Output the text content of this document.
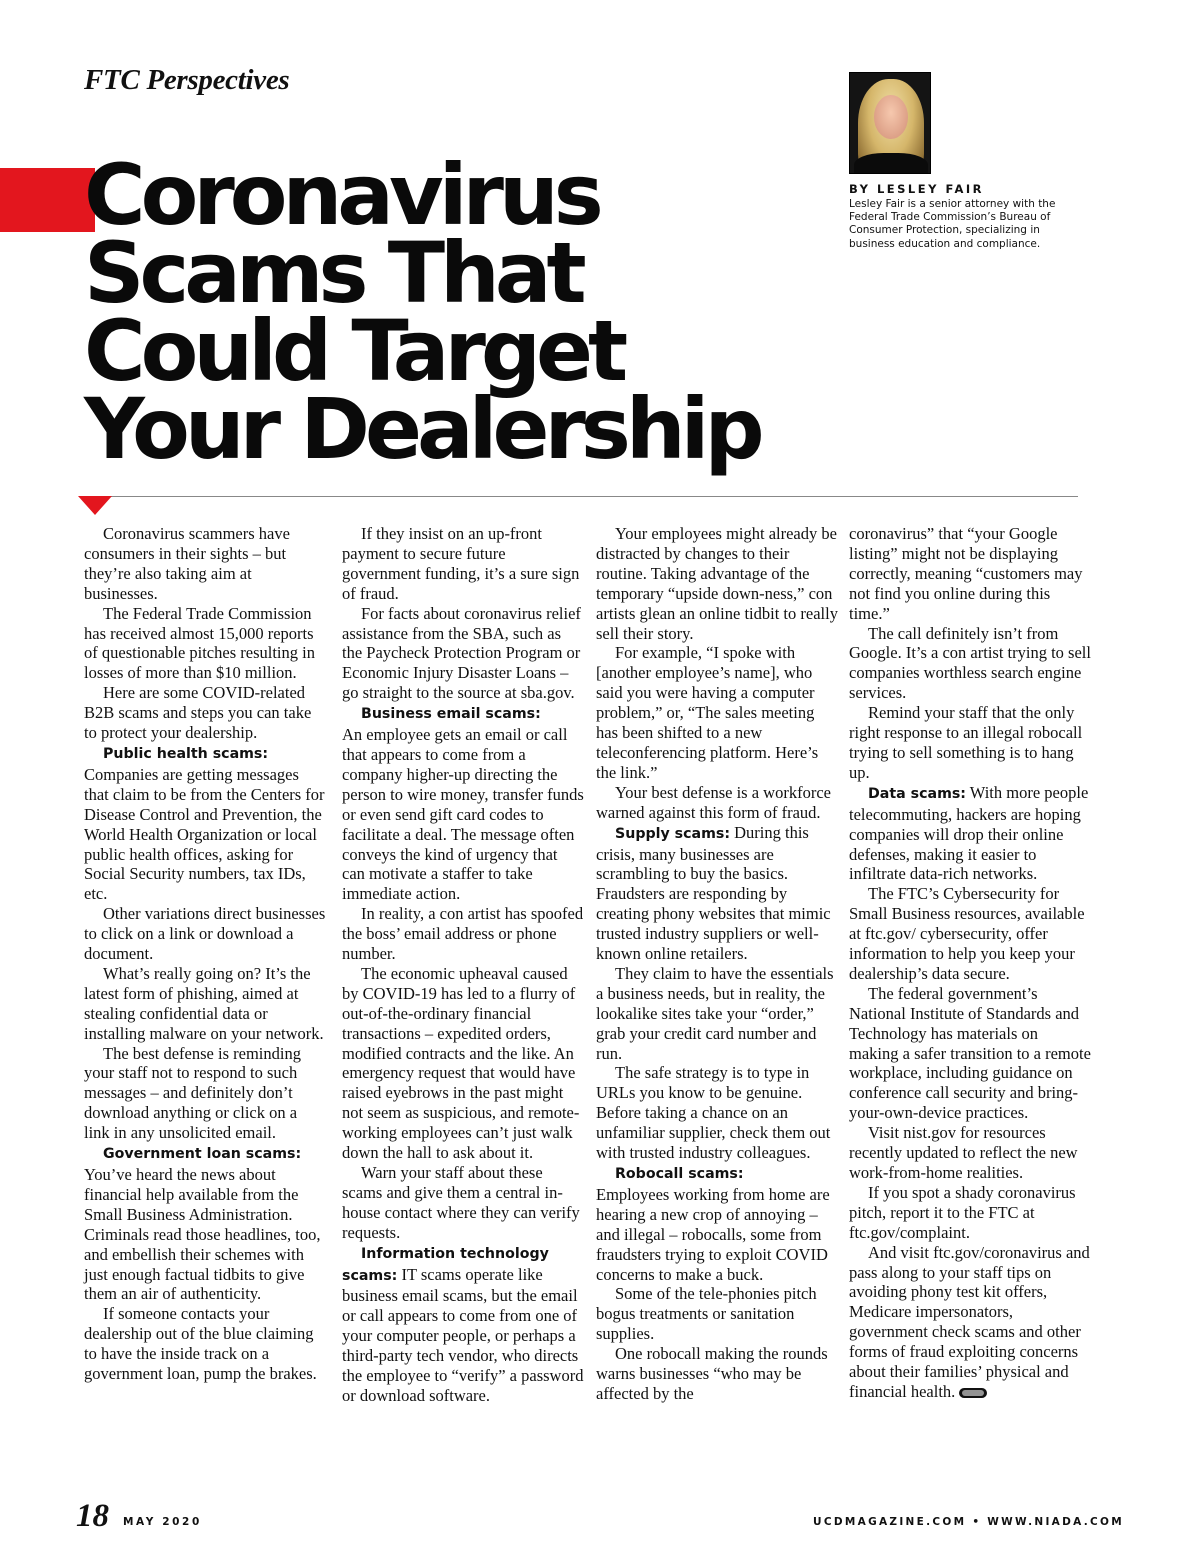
FTC Perspectives
Coronavirus
Scams That
Could Target
Your Dealership
BY LESLEY FAIR
Lesley Fair is a senior attorney with the Federal Trade Commission’s Bureau of Consumer Protection, specializing in business education and compliance.

Coronavirus scammers have consumers in their sights – but they’re also taking aim at businesses.

The Federal Trade Commission has received almost 15,000 reports of questionable pitches resulting in losses of more than $10 million.

Here are some COVID-related B2B scams and steps you can take to protect your dealership.

Public health scams:

Companies are getting messages that claim to be from the Centers for Disease Control and Prevention, the World Health Organization or local public health offices, asking for Social Security numbers, tax IDs, etc.

Other variations direct businesses to click on a link or download a document.

What’s really going on? It’s the latest form of phishing, aimed at stealing confidential data or installing malware on your network.

The best defense is reminding your staff not to respond to such messages – and definitely don’t download anything or click on a link in any unsolicited email.

Government loan scams:

You’ve heard the news about financial help available from the Small Business Administration. Criminals read those headlines, too, and embellish their schemes with just enough factual tidbits to give them an air of authenticity.

If someone contacts your dealership out of the blue claiming to have the inside track on a government loan, pump the brakes.

If they insist on an up-front payment to secure future government funding, it’s a sure sign of fraud.

For facts about coronavirus relief assistance from the SBA, such as the Paycheck Protection Program or Economic Injury Disaster Loans – go straight to the source at sba.gov.

Business email scams:

An employee gets an email or call that appears to come from a company higher-up directing the person to wire money, transfer funds or even send gift card codes to facilitate a deal. The message often conveys the kind of urgency that can motivate a staffer to take immediate action.

In reality, a con artist has spoofed the boss’ email address or phone number.

The economic upheaval caused by COVID-19 has led to a flurry of out-of-the-ordinary financial transactions – expedited orders, modified contracts and the like. An emergency request that would have raised eyebrows in the past might not seem as suspicious, and remote-working employees can’t just walk down the hall to ask about it.

Warn your staff about these scams and give them a central in-house contact where they can verify requests.

Information technology scams: IT scams operate like business email scams, but the email or call appears to come from one of your computer people, or perhaps a third-party tech vendor, who directs the employee to “verify” a password or download software.

Your employees might already be distracted by changes to their routine. Taking advantage of the temporary “upside down-ness,” con artists glean an online tidbit to really sell their story.

For example, “I spoke with [another employee’s name], who said you were having a computer problem,” or, “The sales meeting has been shifted to a new teleconferencing platform. Here’s the link.”

Your best defense is a workforce warned against this form of fraud.

Supply scams: During this crisis, many businesses are scrambling to buy the basics. Fraudsters are responding by creating phony websites that mimic trusted industry suppliers or well-known online retailers.

They claim to have the essentials a business needs, but in reality, the lookalike sites take your “order,” grab your credit card number and run.

The safe strategy is to type in URLs you know to be genuine. Before taking a chance on an unfamiliar supplier, check them out with trusted industry colleagues.

Robocall scams:

Employees working from home are hearing a new crop of annoying – and illegal – robocalls, some from fraudsters trying to exploit COVID concerns to make a buck.

Some of the tele-phonies pitch bogus treatments or sanitation supplies.

One robocall making the rounds warns businesses “who may be affected by the

coronavirus” that “your Google listing” might not be displaying correctly, meaning “customers may not find you online during this time.”

The call definitely isn’t from Google. It’s a con artist trying to sell companies worthless search engine services.

Remind your staff that the only right response to an illegal robocall trying to sell something is to hang up.

Data scams: With more people telecommuting, hackers are hoping companies will drop their online defenses, making it easier to infiltrate data-rich networks.

The FTC’s Cybersecurity for Small Business resources, available at ftc.gov/ cybersecurity, offer information to help you keep your dealership’s data secure.

The federal government’s National Institute of Standards and Technology has materials on making a safer transition to a remote workplace, including guidance on conference call security and bring-your-own-device practices.

Visit nist.gov for resources recently updated to reflect the new work-from-home realities.

If you spot a shady coronavirus pitch, report it to the FTC at ftc.gov/complaint.

And visit ftc.gov/coronavirus and pass along to your staff tips on avoiding phony test kit offers, Medicare impersonators, government check scams and other forms of fraud exploiting concerns about their families’ physical and financial health.

18 MAY 2020	UCDMAGAZINE.COM • WWW.NIADA.COM
